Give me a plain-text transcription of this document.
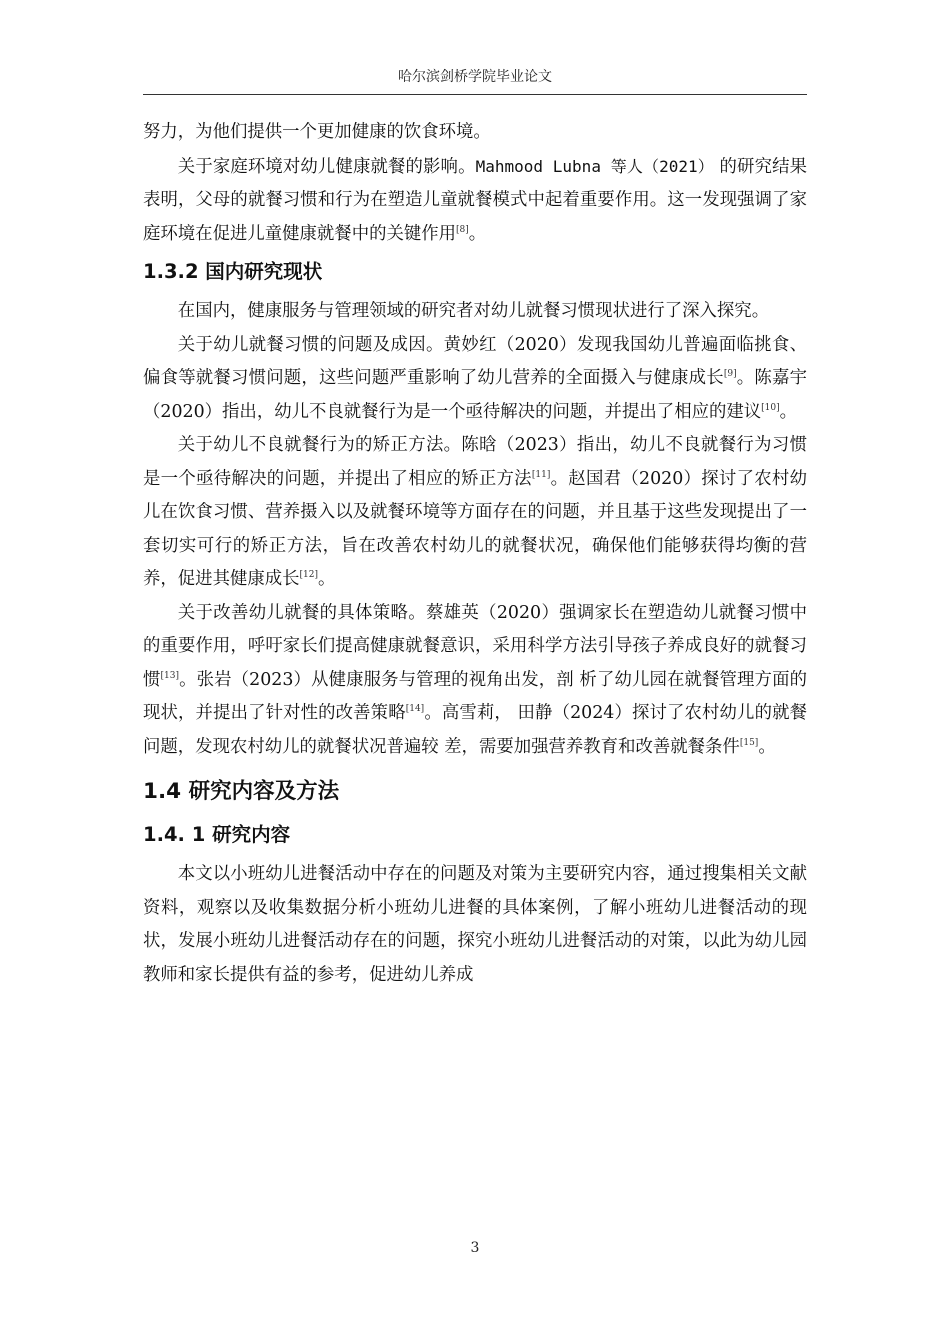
哈尔滨剑桥学院毕业论文

努力，为他们提供一个更加健康的饮食环境。

关于家庭环境对幼儿健康就餐的影响。Mahmood Lubna 等人（2021） 的研究结果表明，父母的就餐习惯和行为在塑造儿童就餐模式中起着重要作用。这一发现强调了家庭环境在促进儿童健康就餐中的关键作用[8]。

1.3.2 国内研究现状

在国内，健康服务与管理领域的研究者对幼儿就餐习惯现状进行了深入探究。

关于幼儿就餐习惯的问题及成因。黄妙红（2020）发现我国幼儿普遍面临挑食、偏食等就餐习惯问题，这些问题严重影响了幼儿营养的全面摄入与健康成长[9]。陈嘉宇（2020）指出，幼儿不良就餐行为是一个亟待解决的问题，并提出了相应的建议[10]。

关于幼儿不良就餐行为的矫正方法。陈晗（2023）指出，幼儿不良就餐行为习惯是一个亟待解决的问题，并提出了相应的矫正方法[11]。赵国君（2020）探讨了农村幼儿在饮食习惯、营养摄入以及就餐环境等方面存在的问题，并且基于这些发现提出了一套切实可行的矫正方法，旨在改善农村幼儿的就餐状况，确保他们能够获得均衡的营养，促进其健康成长[12]。

关于改善幼儿就餐的具体策略。蔡雄英（2020）强调家长在塑造幼儿就餐习惯中的重要作用，呼吁家长们提高健康就餐意识，采用科学方法引导孩子养成良好的就餐习惯[13]。张岩（2023）从健康服务与管理的视角出发，剖 析了幼儿园在就餐管理方面的现状，并提出了针对性的改善策略[14]。高雪莉， 田静（2024）探讨了农村幼儿的就餐问题，发现农村幼儿的就餐状况普遍较 差，需要加强营养教育和改善就餐条件[15]。

1.4 研究内容及方法
1.4. 1 研究内容

本文以小班幼儿进餐活动中存在的问题及对策为主要研究内容，通过搜集相关文献资料，观察以及收集数据分析小班幼儿进餐的具体案例，了解小班幼儿进餐活动的现状，发展小班幼儿进餐活动存在的问题，探究小班幼儿进餐活动的对策，以此为幼儿园教师和家长提供有益的参考，促进幼儿养成

3
